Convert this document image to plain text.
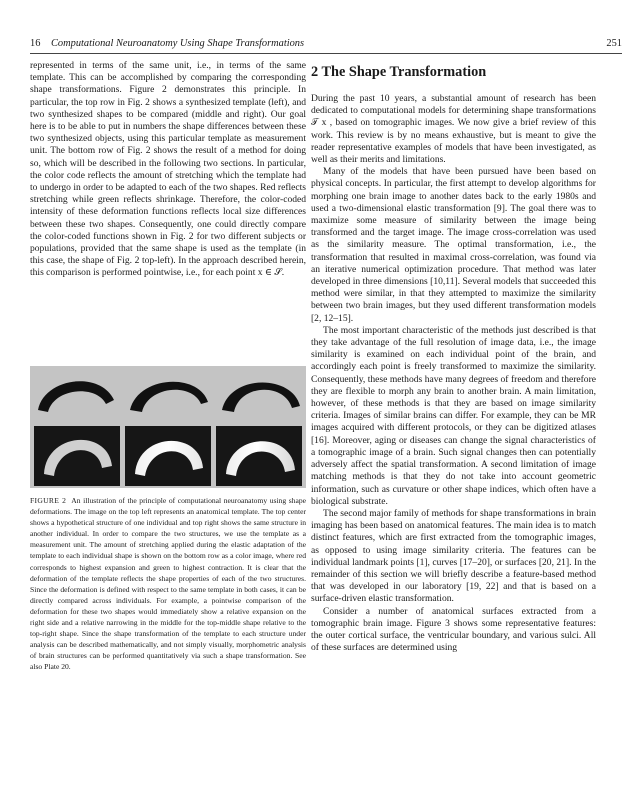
16 Computational Neuroanatomy Using Shape Transformations	251

represented in terms of the same unit, i.e., in terms of the same template. This can be accomplished by comparing the corresponding shape transformations. Figure 2 demonstrates this principle. In particular, the top row in Fig. 2 shows a synthesized template (left), and two synthesized shapes to be compared (middle and right). Our goal here is to be able to put in numbers the shape differences between these two synthesized objects, using this particular template as measurement unit. The bottom row of Fig. 2 shows the result of a method for doing so, which will be described in the following two sections. In particular, the color code reflects the amount of stretching which the template had to undergo in order to be adapted to each of the two shapes. Red reflects stretching while green reflects shrinkage. Therefore, the color-coded intensity of these deformation functions reflects local size differences between these two shapes. Consequently, one could directly compare the color-coded functions shown in Fig. 2 for two different subjects or populations, provided that the same shape is used as the template (in this case, the shape of Fig. 2 top-left). In the approach described herein, this comparison is performed pointwise, i.e., for each point x ∈ 𝒮.

FIGURE 2 An illustration of the principle of computational neuroanatomy using shape deformations. The image on the top left represents an anatomical template. The top center shows a hypothetical structure of one individual and top right shows the same structure in another individual. In order to compare the two structures, we use the template as a measurement unit. The amount of stretching applied during the elastic adaptation of the template to each individual shape is shown on the bottom row as a color image, where red corresponds to highest expansion and green to highest contraction. It is clear that the deformation of the template reflects the shape properties of each of the two structures. Since the deformation is defined with respect to the same template in both cases, it can be directly compared across individuals. For example, a pointwise comparison of the deformation for these two shapes would immediately show a relative expansion on the right side and a relative narrowing in the middle for the top-middle shape relative to the top-right shape. Since the shape transformation of the template to each structure under analysis can be described mathematically, and not simply visually, morphometric analysis of brain structures can be performed quantitatively via such a shape transformation. See also Plate 20.

2 The Shape Transformation

During the past 10 years, a substantial amount of research has been dedicated to computational models for determining shape transformations 𝒯 x , based on tomographic images. We now give a brief review of this work. This review is by no means exhaustive, but is meant to give the reader representative examples of models that have been investigated, as well as their merits and limitations.

Many of the models that have been pursued have been based on physical concepts. In particular, the first attempt to develop algorithms for morphing one brain image to another dates back to the early 1980s and used a two-dimensional elastic transformation [9]. The goal there was to maximize some measure of similarity between the image being transformed and the target image. The image cross-correlation was used as the similarity measure. The optimal transformation, i.e., the transformation that resulted in maximal cross-correlation, was found via an iterative numerical optimization procedure. That method was later developed in three dimensions [10,11]. Several models that succeeded this method were similar, in that they attempted to maximize the similarity between two brain images, but they used different transformation models [2, 12–15].

The most important characteristic of the methods just described is that they take advantage of the full resolution of image data, i.e., the image similarity is examined on each individual point of the brain, and accordingly each point is freely transformed to maximize the similarity. Consequently, these methods have many degrees of freedom and therefore they are flexible to morph any brain to another brain. A main limitation, however, of these methods is that they are based on image similarity criteria. Images of similar brains can differ. For example, they can be MR images acquired with different protocols, or they can be digitized atlases [16]. Moreover, aging or diseases can change the signal characteristics of a tomographic image of a brain. Such signal changes then can potentially adversely affect the spatial transformation. A second limitation of image matching methods is that they do not take into account geometric information, such as curvature or other shape indices, which often have a biological substrate.

The second major family of methods for shape transformations in brain imaging has been based on anatomical features. The main idea is to match distinct features, which are first extracted from the tomographic images, as opposed to using image similarity criteria. The features can be individual landmark points [1], curves [17–20], or surfaces [20, 21]. In the remainder of this section we will briefly describe a feature-based method that was developed in our laboratory [19, 22] and that is based on a surface-driven elastic transformation.

Consider a number of anatomical surfaces extracted from a tomographic brain image. Figure 3 shows some representative features: the outer cortical surface, the ventricular boundary, and various sulci. All of these surfaces are determined using
